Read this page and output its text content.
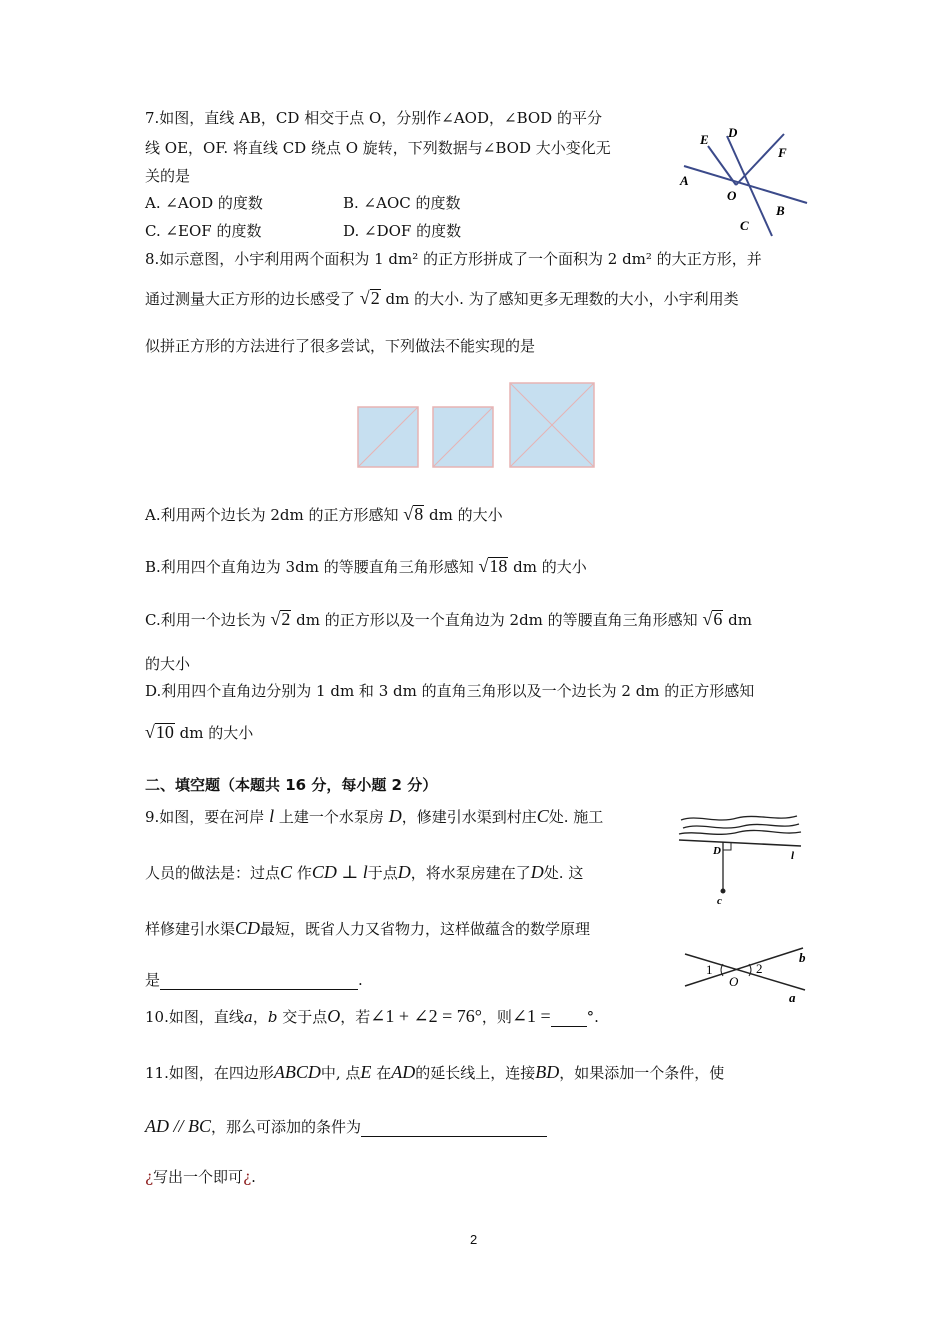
7.如图，直线 AB，CD 相交于点 O，分别作∠AOD，∠BOD 的平分
线 OE，OF. 将直线 CD 绕点 O 旋转，下列数据与∠BOD 大小变化无
关的是
A. ∠AOD 的度数	B. ∠AOC 的度数
C. ∠EOF 的度数	D. ∠DOF 的度数
E D
F
A
O
B
C
8.如示意图，小宇利用两个面积为 1 dm² 的正方形拼成了一个面积为 2 dm² 的大正方形，并
通过测量大正方形的边长感受了 √2 dm 的大小. 为了感知更多无理数的大小，小宇利用类
似拼正方形的方法进行了很多尝试，下列做法不能实现的是
A.利用两个边长为 2dm 的正方形感知 √8 dm 的大小
B.利用四个直角边为 3dm 的等腰直角三角形感知 √18 dm 的大小
C.利用一个边长为 √2 dm 的正方形以及一个直角边为 2dm 的等腰直角三角形感知 √6 dm
的大小
D.利用四个直角边分别为 1 dm 和 3 dm 的直角三角形以及一个边长为 2 dm 的正方形感知
√10 dm 的大小
二、填空题（本题共 16 分，每小题 2 分）
9.如图，要在河岸 l 上建一个水泵房 D，修建引水渠到村庄C处. 施工
人员的做法是：过点C 作CD ⊥ l于点D，将水泵房建在了D处. 这
样修建引水渠CD最短，既省人力又省物力，这样做蕴含的数学原理
是	.
D	l
c
1	2
O
b
a
10.如图，直线a，b 交于点O，若∠1 + ∠2 = 76°，则∠1 = °.
11.如图，在四边形ABCD中, 点E 在AD的延长线上，连接BD，如果添加一个条件，使
AD // BC，那么可添加的条件为
¿写出一个即可¿.
2
